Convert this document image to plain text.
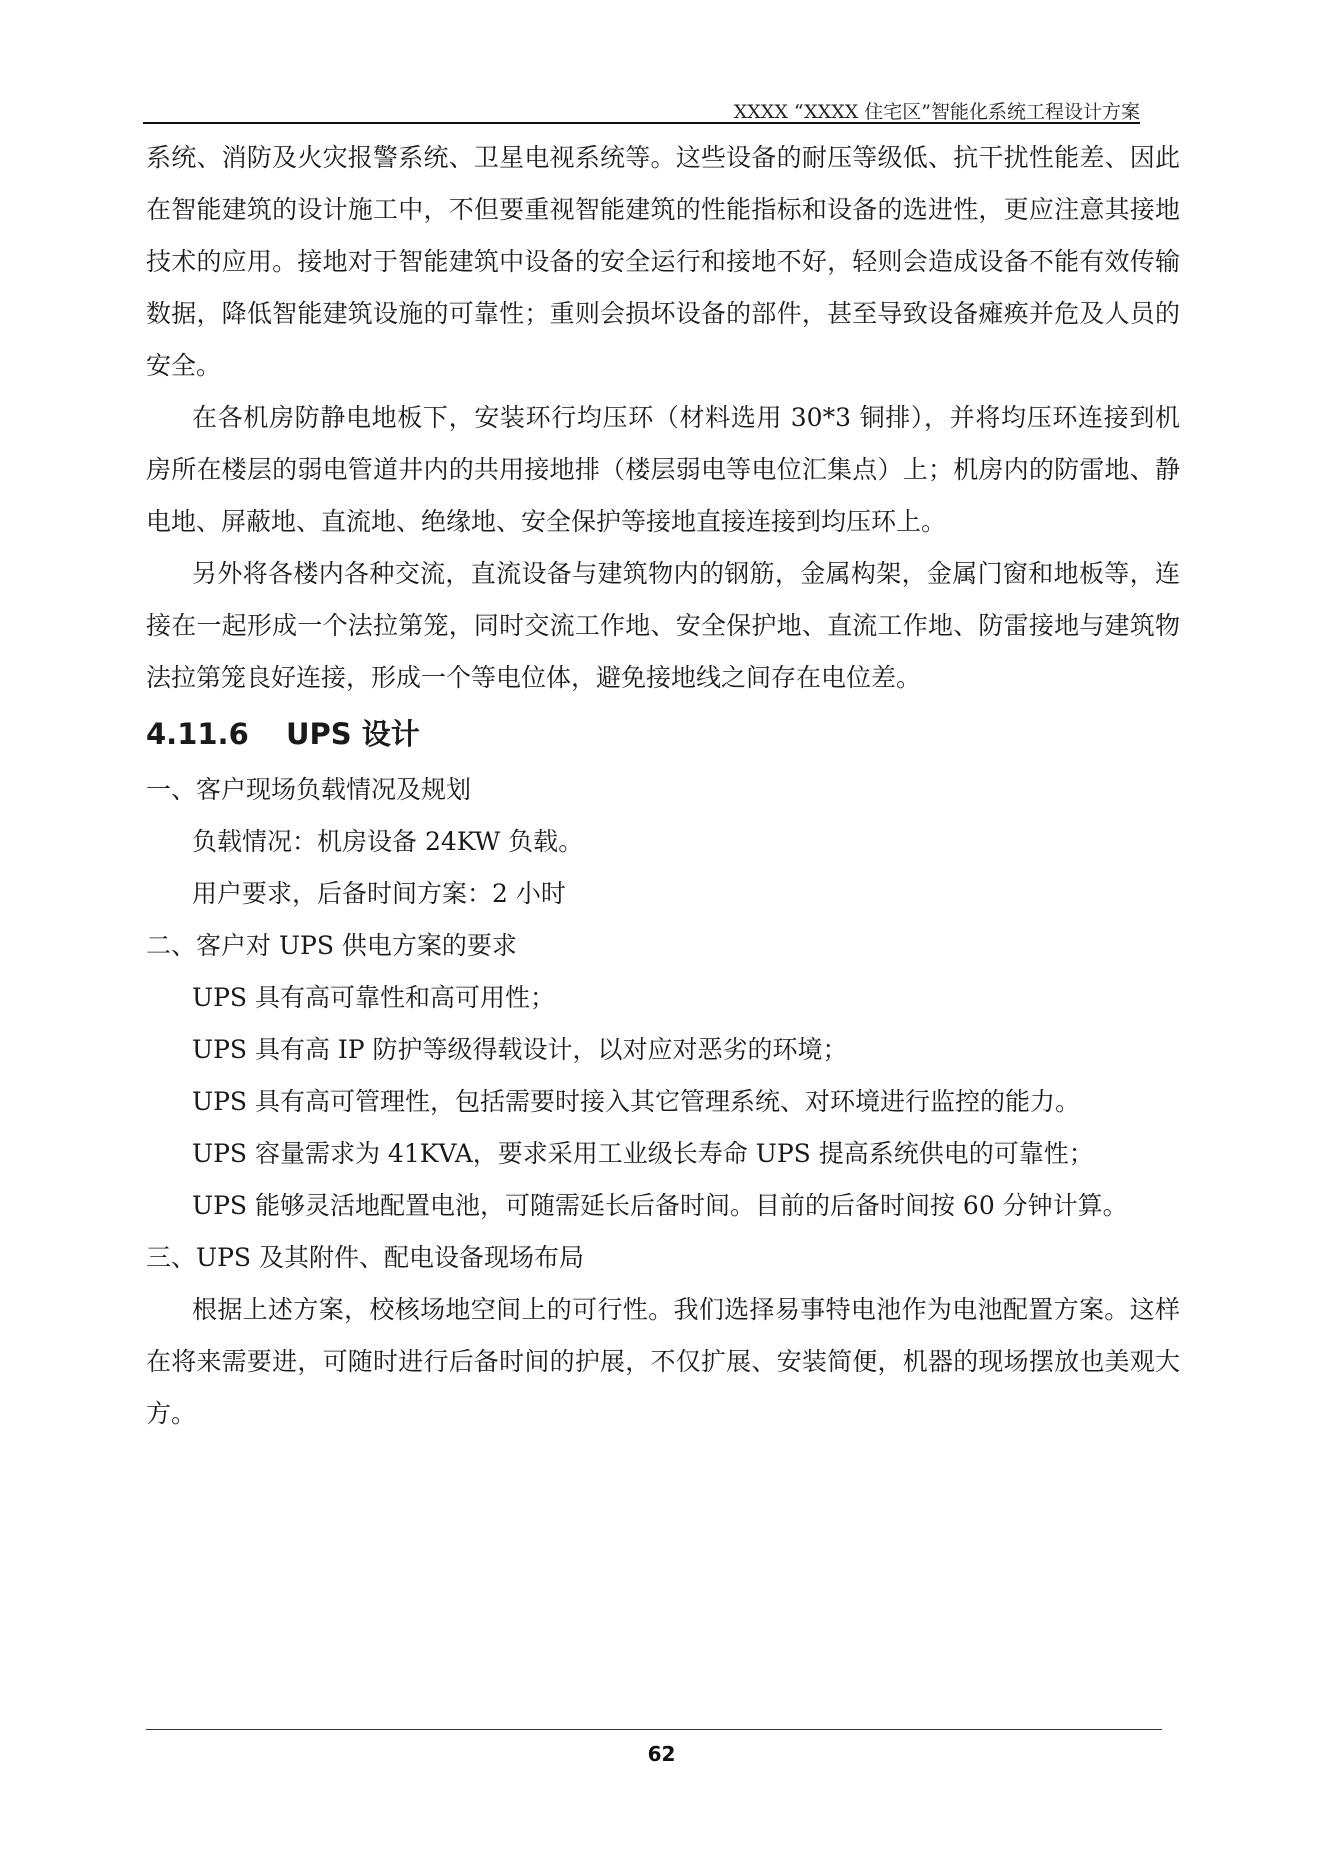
XXXX “XXXX 住宅区”智能化系统工程设计方案

系统、消防及火灾报警系统、卫星电视系统等。这些设备的耐压等级低、抗干扰性能差、因此在智能建筑的设计施工中，不但要重视智能建筑的性能指标和设备的选进性，更应注意其接地技术的应用。接地对于智能建筑中设备的安全运行和接地不好，轻则会造成设备不能有效传输数据，降低智能建筑设施的可靠性；重则会损坏设备的部件，甚至导致设备瘫痪并危及人员的安全。

在各机房防静电地板下，安装环行均压环（材料选用 30*3 铜排），并将均压环连接到机房所在楼层的弱电管道井内的共用接地排（楼层弱电等电位汇集点）上；机房内的防雷地、静电地、屏蔽地、直流地、绝缘地、安全保护等接地直接连接到均压环上。

另外将各楼内各种交流，直流设备与建筑物内的钢筋，金属构架，金属门窗和地板等，连接在一起形成一个法拉第笼，同时交流工作地、安全保护地、直流工作地、防雷接地与建筑物法拉第笼良好连接，形成一个等电位体，避免接地线之间存在电位差。

4.11.6 UPS 设计

一、客户现场负载情况及规划

负载情况：机房设备 24KW 负载。

用户要求，后备时间方案：2 小时

二、客户对 UPS 供电方案的要求

UPS 具有高可靠性和高可用性；

UPS 具有高 IP 防护等级得载设计，以对应对恶劣的环境；

UPS 具有高可管理性，包括需要时接入其它管理系统、对环境进行监控的能力。

UPS 容量需求为 41KVA，要求采用工业级长寿命 UPS 提高系统供电的可靠性；

UPS 能够灵活地配置电池，可随需延长后备时间。目前的后备时间按 60 分钟计算。

三、UPS 及其附件、配电设备现场布局

根据上述方案，校核场地空间上的可行性。我们选择易事特电池作为电池配置方案。这样在将来需要进，可随时进行后备时间的护展，不仅扩展、安装简便，机器的现场摆放也美观大方。

62
